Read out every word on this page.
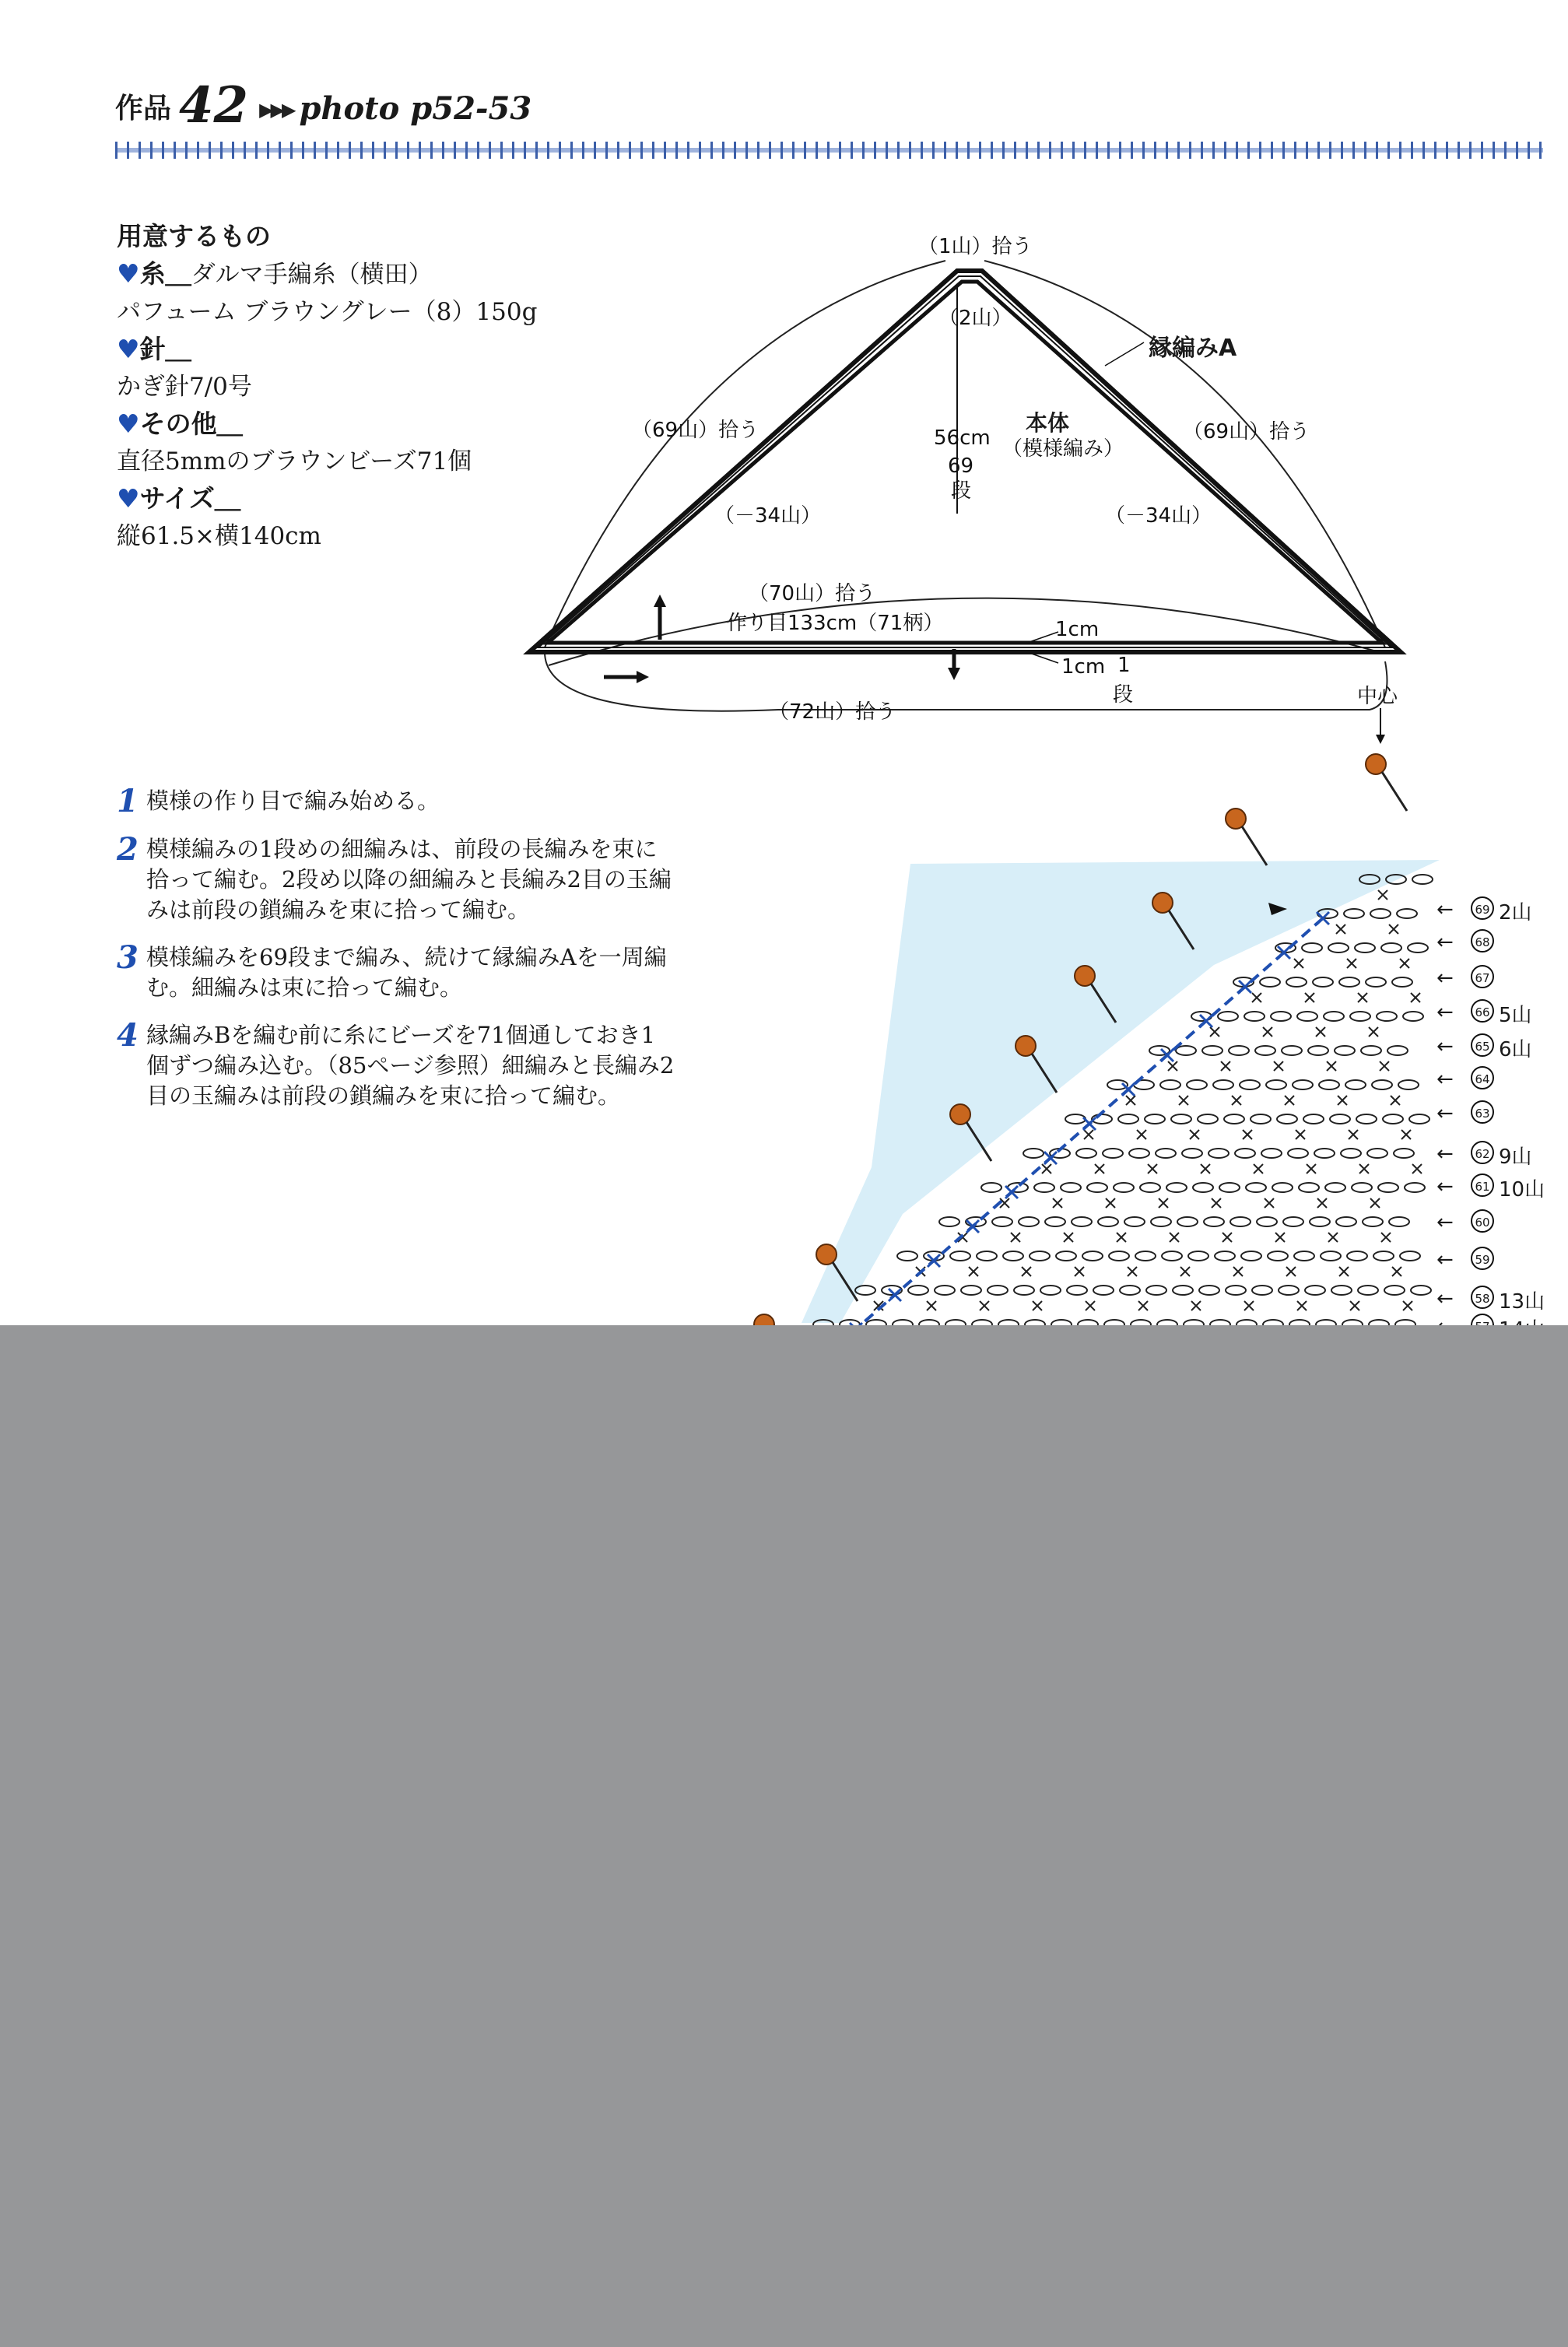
作品 42 ▶▶▶ photo p52-53
用意するもの
♥糸＿ダルマ手編糸（横田）
パフューム ブラウングレー（8）150g
♥針＿
かぎ針7/0号
♥その他＿
直径5mmのブラウンビーズ71個
♥サイズ＿
縦61.5×横140cm
1 模様の作り目で編み始める。
2 模様編みの1段めの細編みは、前段の長編みを束に拾って編む。2段め以降の細編みと長編み2目の玉編みは前段の鎖編みを束に拾って編む。
3 模様編みを69段まで編み、続けて縁編みAを一周編む。細編みは束に拾って編む。
4 縁編みBを編む前に糸にビーズを71個通しておき1個ずつ編み込む。（85ページ参照）細編みと長編み2目の玉編みは前段の鎖編みを束に拾って編む。
（1山）拾う
（2山）
縁編みA
本体
（模様編み）
56cm
69
段
（69山）拾う	（69山）拾う
（－34山）	（－34山）
（70山）拾う
作り目133cm（71柄）	1cm
1cm 1
段
（72山）拾う
中心
←	69 2山
←	68
←	67
←	66 5山
←	65 6山
←	64
←	63
←	62 9山
←	61 10山
←	60
←	59
←	58 13山
